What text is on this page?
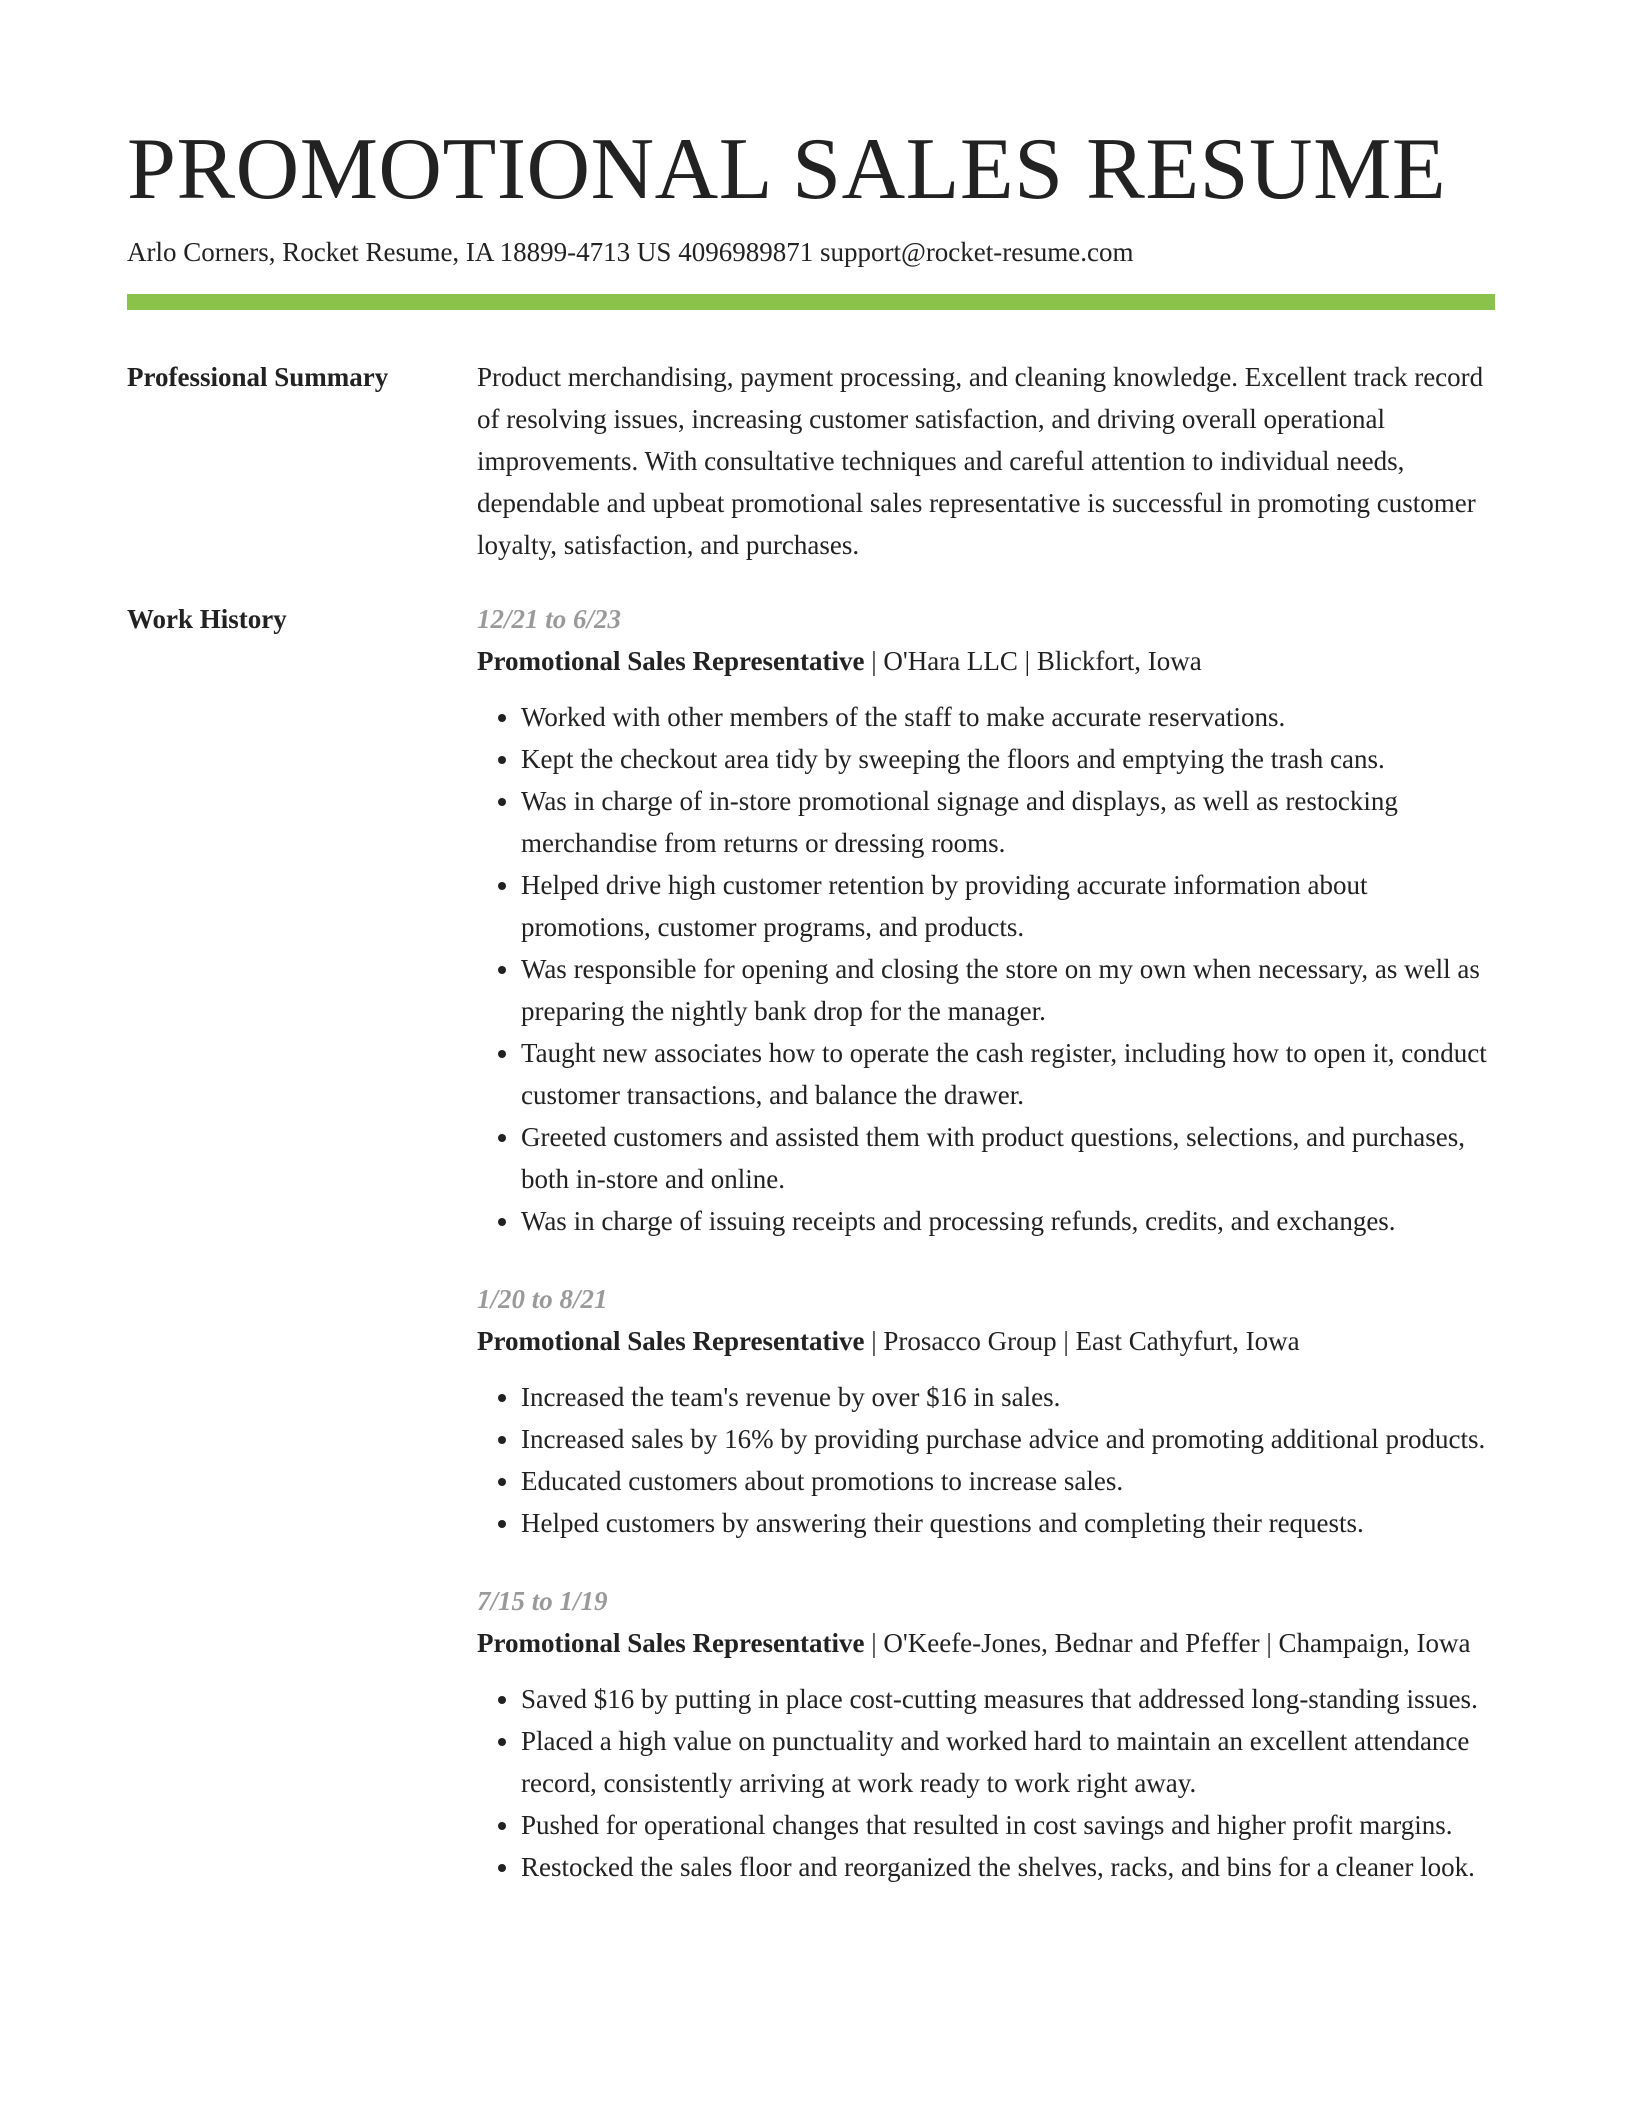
PROMOTIONAL SALES RESUME
Arlo Corners, Rocket Resume, IA 18899-4713 US 4096989871 support@rocket-resume.com
Professional Summary	Product merchandising, payment processing, and cleaning knowledge. Excellent track record of resolving issues, increasing customer satisfaction, and driving overall operational improvements. With consultative techniques and careful attention to individual needs, dependable and upbeat promotional sales representative is successful in promoting customer loyalty, satisfaction, and purchases.

Work History	12/21 to 6/23
Promotional Sales Representative | O'Hara LLC | Blickfort, Iowa
• Worked with other members of the staff to make accurate reservations.
• Kept the checkout area tidy by sweeping the floors and emptying the trash cans.
• Was in charge of in-store promotional signage and displays, as well as restocking merchandise from returns or dressing rooms.
• Helped drive high customer retention by providing accurate information about promotions, customer programs, and products.
• Was responsible for opening and closing the store on my own when necessary, as well as preparing the nightly bank drop for the manager.
• Taught new associates how to operate the cash register, including how to open it, conduct customer transactions, and balance the drawer.
• Greeted customers and assisted them with product questions, selections, and purchases, both in-store and online.
• Was in charge of issuing receipts and processing refunds, credits, and exchanges.
1/20 to 8/21
Promotional Sales Representative | Prosacco Group | East Cathyfurt, Iowa
• Increased the team's revenue by over $16 in sales.
• Increased sales by 16% by providing purchase advice and promoting additional products.
• Educated customers about promotions to increase sales.
• Helped customers by answering their questions and completing their requests.
7/15 to 1/19
Promotional Sales Representative | O'Keefe-Jones, Bednar and Pfeffer | Champaign, Iowa
• Saved $16 by putting in place cost-cutting measures that addressed long-standing issues.
• Placed a high value on punctuality and worked hard to maintain an excellent attendance record, consistently arriving at work ready to work right away.
• Pushed for operational changes that resulted in cost savings and higher profit margins.
• Restocked the sales floor and reorganized the shelves, racks, and bins for a cleaner look.
